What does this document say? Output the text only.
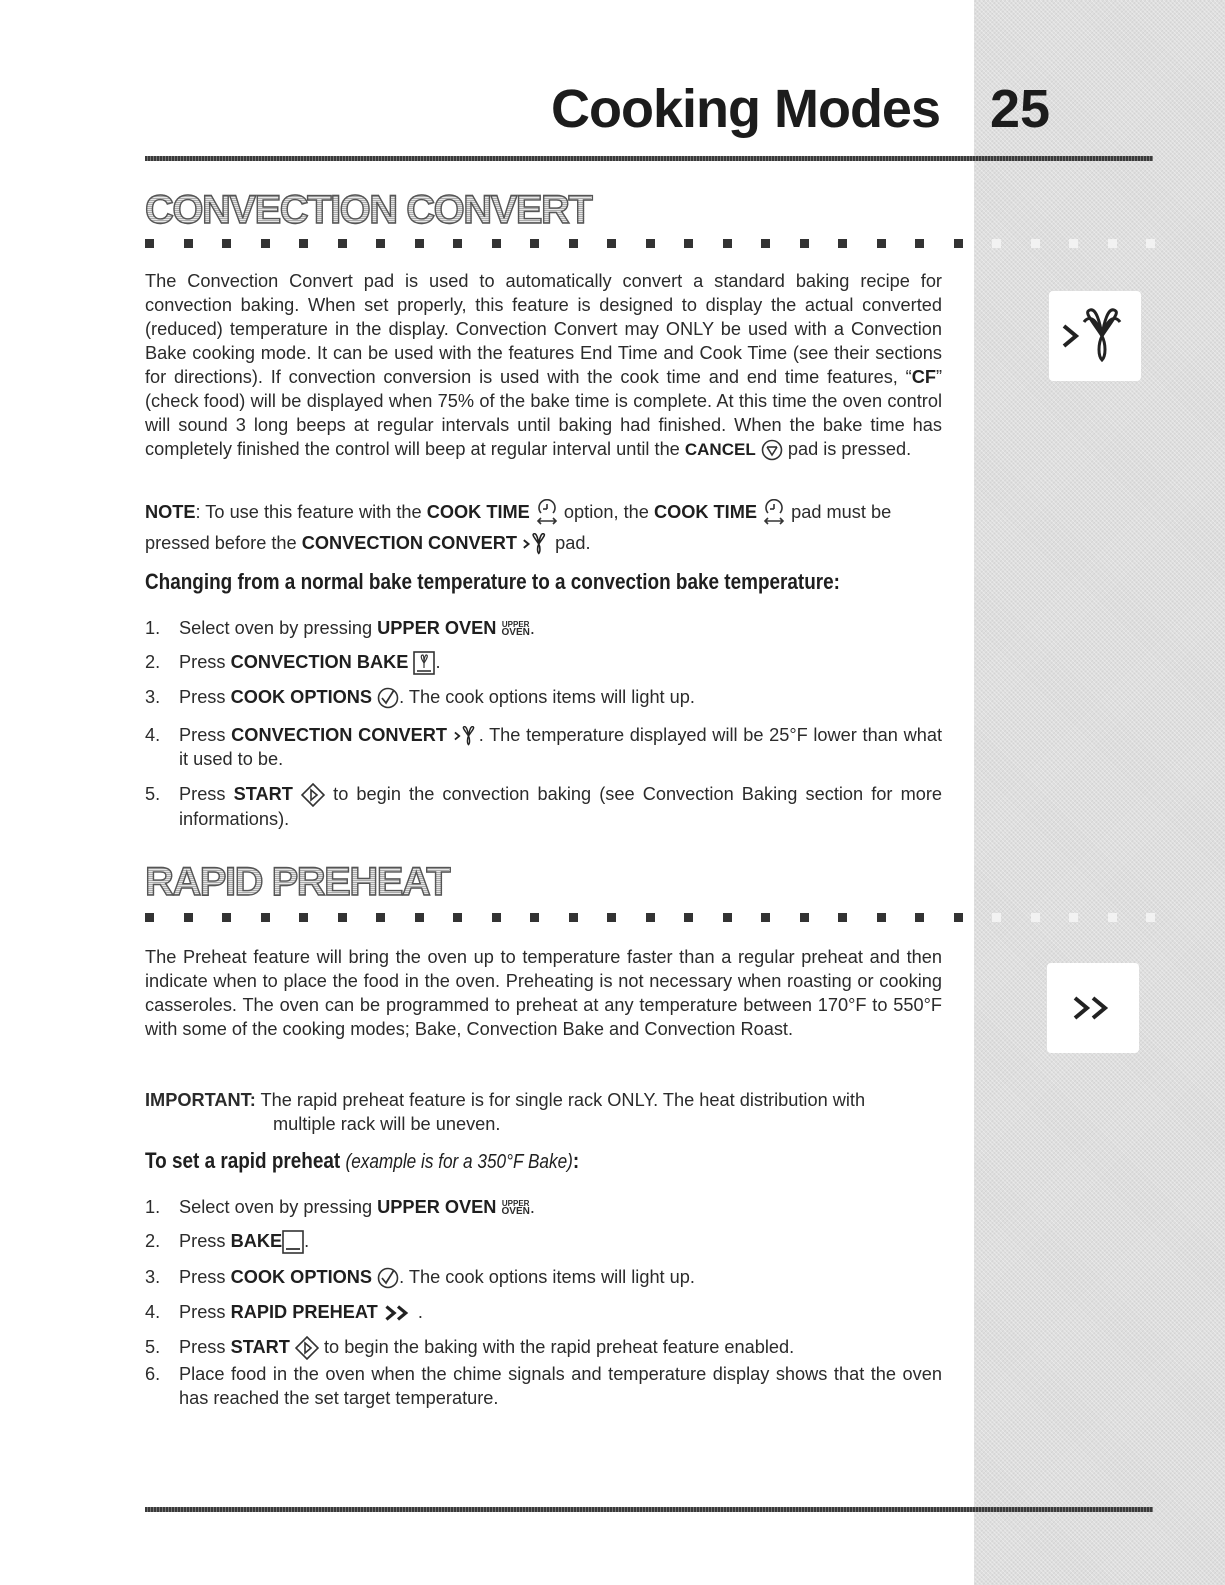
Cooking Modes 25
CONVECTION CONVERT

The Convection Convert pad is used to automatically convert a standard baking recipe for convection baking. When set properly, this feature is designed to display the actual converted (reduced) temperature in the display. Convection Convert may ONLY be used with a Convection Bake cooking mode. It can be used with the features End Time and Cook Time (see their sections for directions). If convection conversion is used with the cook time and end time features, “CF” (check food) will be displayed when 75% of the bake time is complete. At this time the oven control will sound 3 long beeps at regular intervals until baking had finished. When the bake time has completely finished the control will beep at regular interval until the CANCEL pad is pressed.

NOTE: To use this feature with the COOK TIME option, the COOK TIME pad must be pressed before the CONVECTION CONVERT pad.

Changing from a normal bake temperature to a convection bake temperature:
1.	Select oven by pressing UPPER OVEN UPPER
OVEN .
2.	Press CONVECTION BAKE .
3.	Press COOK OPTIONS . The cook options items will light up.
4.	Press CONVECTION CONVERT . The temperature displayed will be 25°F lower than what it used to be.
5.	Press START to begin the convection baking (see Convection Baking section for more informations).
RAPID PREHEAT

The Preheat feature will bring the oven up to temperature faster than a regular preheat and then indicate when to place the food in the oven. Preheating is not necessary when roasting or cooking casseroles. The oven can be programmed to preheat at any temperature between 170°F to 550°F with some of the cooking modes; Bake, Convection Bake and Convection Roast.

IMPORTANT: The rapid preheat feature is for single rack ONLY. The heat distribution with
multiple rack will be uneven.

To set a rapid preheat (example is for a 350°F Bake):
1.	Select oven by pressing UPPER OVEN UPPER
OVEN .
2.	Press BAKE .
3.	Press COOK OPTIONS . The cook options items will light up.
4.	Press RAPID PREHEAT .
5.	Press START to begin the baking with the rapid preheat feature enabled.
6.	Place food in the oven when the chime signals and temperature display shows that the oven has reached the set target temperature.
